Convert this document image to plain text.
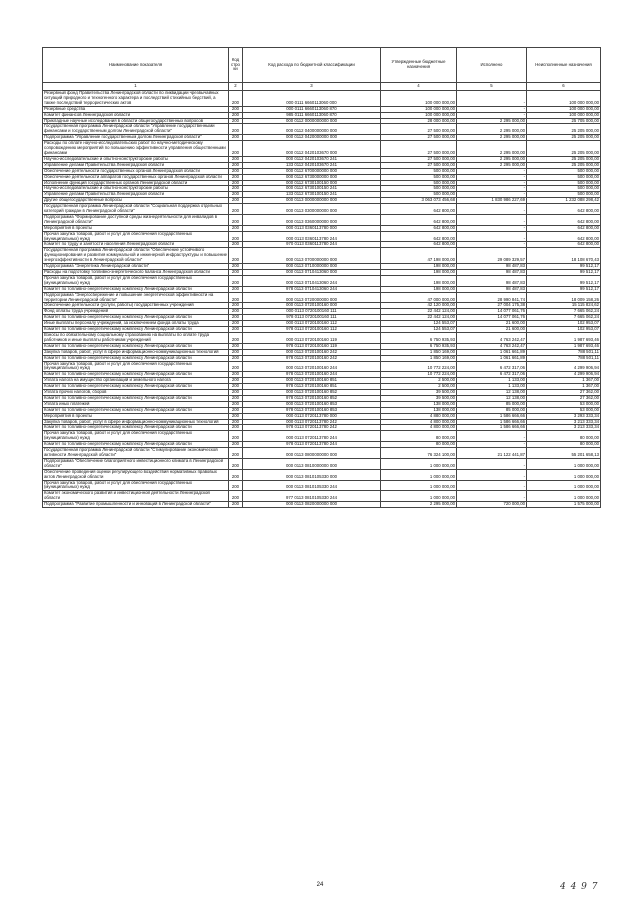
Наименование показателя	Код стро ки	Код расхода по бюджетной классификации	Утвержденные бюджетные назначения	Исполнено	Неисполненные назначения
1	2	3	4	5	6
Резервный фонд Правительства Ленинградской области по ликвидации чрезвычайных ситуаций природного и техногенного характера и последствий стихийных бедствий, а также последствий террористических актов	200	000 0111 6660113060 000	100 000 000,00	-	100 000 000,00
Резервные средства	200	000 0111 6660113060 870	100 000 000,00	-	100 000 000,00
Комитет финансов Ленинградской области	200	985 0111 6660113060 870	100 000 000,00	-	100 000 000,00
Прикладные научные исследования в области общегосударственных вопросов	200	000 0112 0000000000 000	28 000 000,00	2 295 000,00	25 705 000,00
Государственная программа Ленинградской области "Управление государственными финансами и государственным долгом Ленинградской области"	200	000 0112 0400000000 000	27 500 000,00	2 295 000,00	25 205 000,00
Подпрограмма "Управление государственным долгом Ленинградской области"	200	000 0112 0420000000 000	27 500 000,00	2 295 000,00	25 205 000,00
Расходы по оплате научно-исследовательских работ по научно-методическому сопровождению мероприятий по повышению эффективности управления общественными финансами	200	000 0112 0420103670 000	27 500 000,00	2 295 000,00	25 205 000,00
Научно-исследовательские и опытно-конструкторские работы	200	000 0112 0420103670 241	27 500 000,00	2 295 000,00	25 205 000,00
Управление делами Правительства Ленинградской области	200	133 0112 0420103670 241	27 500 000,00	2 295 000,00	25 205 000,00
Обеспечение деятельности государственных органов Ленинградской области	200	000 0112 6700000000 000	500 000,00	-	500 000,00
Обеспечение деятельности аппаратов государственных органов Ленинградской области	200	000 0112 6730000000 000	500 000,00	-	500 000,00
Исполнение функций государственных органов Ленинградской области	200	000 0112 6730100150 000	500 000,00	-	500 000,00
Научно-исследовательские и опытно-конструкторские работы	200	000 0112 6730100150 241	500 000,00	-	500 000,00
Управление делами Правительства Ленинградской области	200	133 0112 6730100150 241	500 000,00	-	500 000,00
Другие общегосударственные вопросы	200	000 0113 0000000000 000	3 063 073 456,68	1 830 986 227,69	1 232 088 298,42
Государственная программа Ленинградской области "Социальная поддержка отдельных категорий граждан в Ленинградской области"	200	000 0113 0300000000 000	642 800,00	-	642 800,00
Подпрограмма "Формирование доступной среды жизнедеятельности для инвалидов в Ленинградской области"	200	000 0113 0360000000 000	642 800,00	-	642 800,00
Мероприятия в проекты	200	000 0113 0360113780 000	642 800,00	-	642 800,00
Прочая закупка товаров, работ и услуг для обеспечения государственных (муниципальных) нужд	200	000 0113 0360113780 244	642 800,00	-	642 800,00
Комитет по труду и занятости населения Ленинградской области	200	970 0113 0360113780 244	642 800,00	-	642 800,00
Государственная программа Ленинградской области "Обеспечение устойчивого функционирования и развития коммунальной и инженерной инфраструктуры и повышение энергоэффективности в Ленинградской области"	200	000 0113 0700000000 000	47 198 000,00	29 089 329,57	18 108 670,43
Подпрограмма "Энергетика Ленинградской области"	200	000 0113 0710000000 000	198 000,00	98 487,83	99 512,17
Расходы на подготовку топливно-энергетического баланса Ленинградской области	200	000 0113 0710413060 000	198 000,00	98 487,83	99 512,17
Прочая закупка товаров, работ и услуг для обеспечения государственных (муниципальных) нужд	200	000 0113 0710413060 244	198 000,00	98 487,83	99 512,17
Комитет по топливно-энергетическому комплексу Ленинградской области	200	978 0113 0710413060 244	198 000,00	98 487,83	99 512,17
Подпрограмма "Энергосбережение и повышение энергетической эффективности на территории Ленинградской области"	200	000 0113 0720000000 000	47 000 000,00	28 990 841,74	18 009 158,26
Обеспечение деятельности (услуги, работы) государственных учреждений	200	000 0113 0720100160 000	42 120 000,00	27 004 175,38	15 115 824,62
Фонд оплаты труда учреждений	200	000 0113 0720100160 111	22 442 124,00	14 077 061,76	7 665 062,24
Комитет по топливно-энергетическому комплексу Ленинградской области	200	978 0113 0720100160 111	22 442 124,00	14 077 061,76	7 665 062,24
Иные выплаты персоналу учреждений, за исключением фонда оплаты труда	200	000 0113 0720100160 112	124 553,07	21 600,00	102 953,07
Комитет по топливно-энергетическому комплексу Ленинградской области	200	978 0113 0720100160 112	124 553,07	21 600,00	102 953,07
Взносы по обязательному социальному страхованию на выплаты по оплате труда работников и иные выплаты работникам учреждений	200	000 0113 0720100160 119	6 750 935,93	4 763 242,47	1 987 693,46
Комитет по топливно-энергетическому комплексу Ленинградской области	200	978 0113 0720100160 119	6 750 935,93	4 763 242,47	1 987 693,46
Закупка товаров, работ, услуг в сфере информационно-коммуникационных технологий	200	000 0113 0720100160 242	1 850 169,00	1 061 661,89	788 501,11
Комитет по топливно-энергетическому комплексу Ленинградской области	200	978 0113 0720100160 242	1 850 169,00	1 061 661,89	788 501,11
Прочая закупка товаров, работ и услуг для обеспечения государственных (муниципальных) нужд	200	000 0113 0720100160 244	10 772 224,00	6 472 317,06	4 299 906,94
Комитет по топливно-энергетическому комплексу Ленинградской области	200	978 0113 0720100160 244	10 772 224,00	6 472 317,06	4 299 906,94
Уплата налога на имущество организаций и земельного налога	200	000 0113 0720100160 851	2 500,00	1 133,00	1 367,00
Комитет по топливно-энергетическому комплексу Ленинградской области	200	978 0113 0720100160 851	2 500,00	1 133,00	1 367,00
Уплата прочих налогов, сборов	200	000 0113 0720100160 852	39 500,00	12 138,00	27 362,00
Комитет по топливно-энергетическому комплексу Ленинградской области	200	978 0113 0720100160 852	39 500,00	12 138,00	27 362,00
Уплата иных платежей	200	000 0113 0720100160 853	138 000,00	85 000,00	53 000,00
Комитет по топливно-энергетическому комплексу Ленинградской области	200	978 0113 0720100160 853	138 000,00	85 000,00	53 000,00
Мероприятия в проекты	200	000 0113 0720113780 000	4 880 000,00	1 586 666,66	3 293 333,34
Закупка товаров, работ, услуг в сфере информационно-коммуникационных технологий	200	000 0113 0720113780 242	4 800 000,00	1 586 666,66	3 213 333,34
Комитет по топливно-энергетическому комплексу Ленинградской области	200	978 0113 0720113780 242	4 800 000,00	1 586 666,66	3 213 333,34
Прочая закупка товаров, работ и услуг для обеспечения государственных (муниципальных) нужд	200	000 0113 0720113780 244	80 000,00	-	80 000,00
Комитет по топливно-энергетическому комплексу Ленинградской области	200	978 0113 0720113780 244	80 000,00	-	80 000,00
Государственная программа Ленинградской области "Стимулирование экономической активности Ленинградской области"	200	000 0113 0800000000 000	76 324 100,00	21 122 441,87	55 201 658,13
Подпрограмма "Обеспечение благоприятного инвестиционного климата в Ленинградской области"	200	000 0113 0810000000 000	1 000 000,00	-	1 000 000,00
Обеспечение проведения оценки регулирующего воздействия нормативных правовых актов Ленинградской области	200	000 0113 0810105330 000	1 000 000,00	-	1 000 000,00
Прочая закупка товаров, работ и услуг для обеспечения государственных (муниципальных) нужд	200	000 0113 0810105330 244	1 000 000,00	-	1 000 000,00
Комитет экономического развития и инвестиционной деятельности Ленинградской области	200	977 0113 0810105330 244	1 000 000,00	-	1 000 000,00
Подпрограмма "Развитие промышленности и инноваций в Ленинградской области"	200	000 0113 0820000000 000	2 295 000,00	720 000,00	1 575 000,00
24	4 4 9 7
